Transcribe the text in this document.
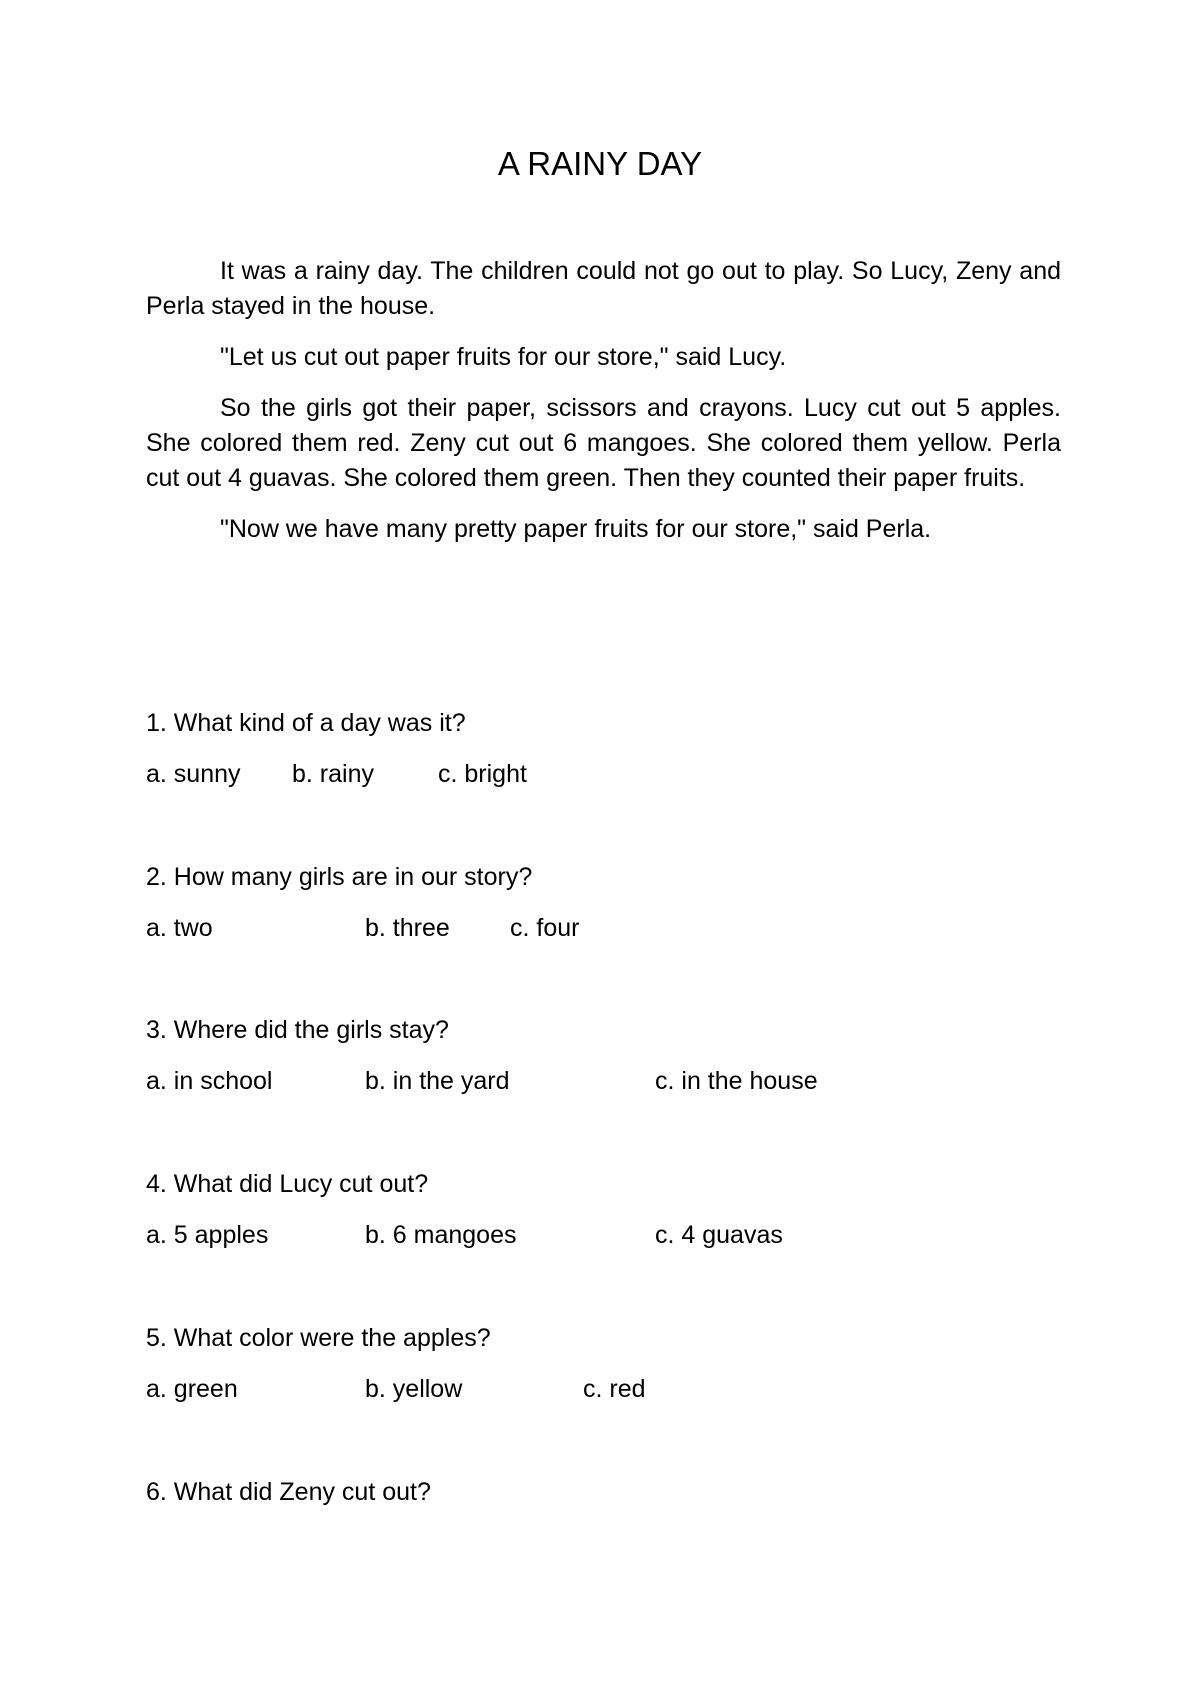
A RAINY DAY

It was a rainy day. The children could not go out to play. So Lucy, Zeny and Perla stayed in the house.

"Let us cut out paper fruits for our store," said Lucy.

So the girls got their paper, scissors and crayons. Lucy cut out 5 apples. She colored them red. Zeny cut out 6 mangoes. She colored them yellow. Perla cut out 4 guavas. She colored them green. Then they counted their paper fruits.

"Now we have many pretty paper fruits for our store," said Perla.

1. What kind of a day was it?
a. sunny b. rainy	c. bright
2. How many girls are in our story?
a. two	b. three c. four
3. Where did the girls stay?
a. in school	b. in the yard	c. in the house
4. What did Lucy cut out?
a. 5 apples	b. 6 mangoes	c. 4 guavas
5. What color were the apples?
a. green	b. yellow	c. red
6. What did Zeny cut out?
